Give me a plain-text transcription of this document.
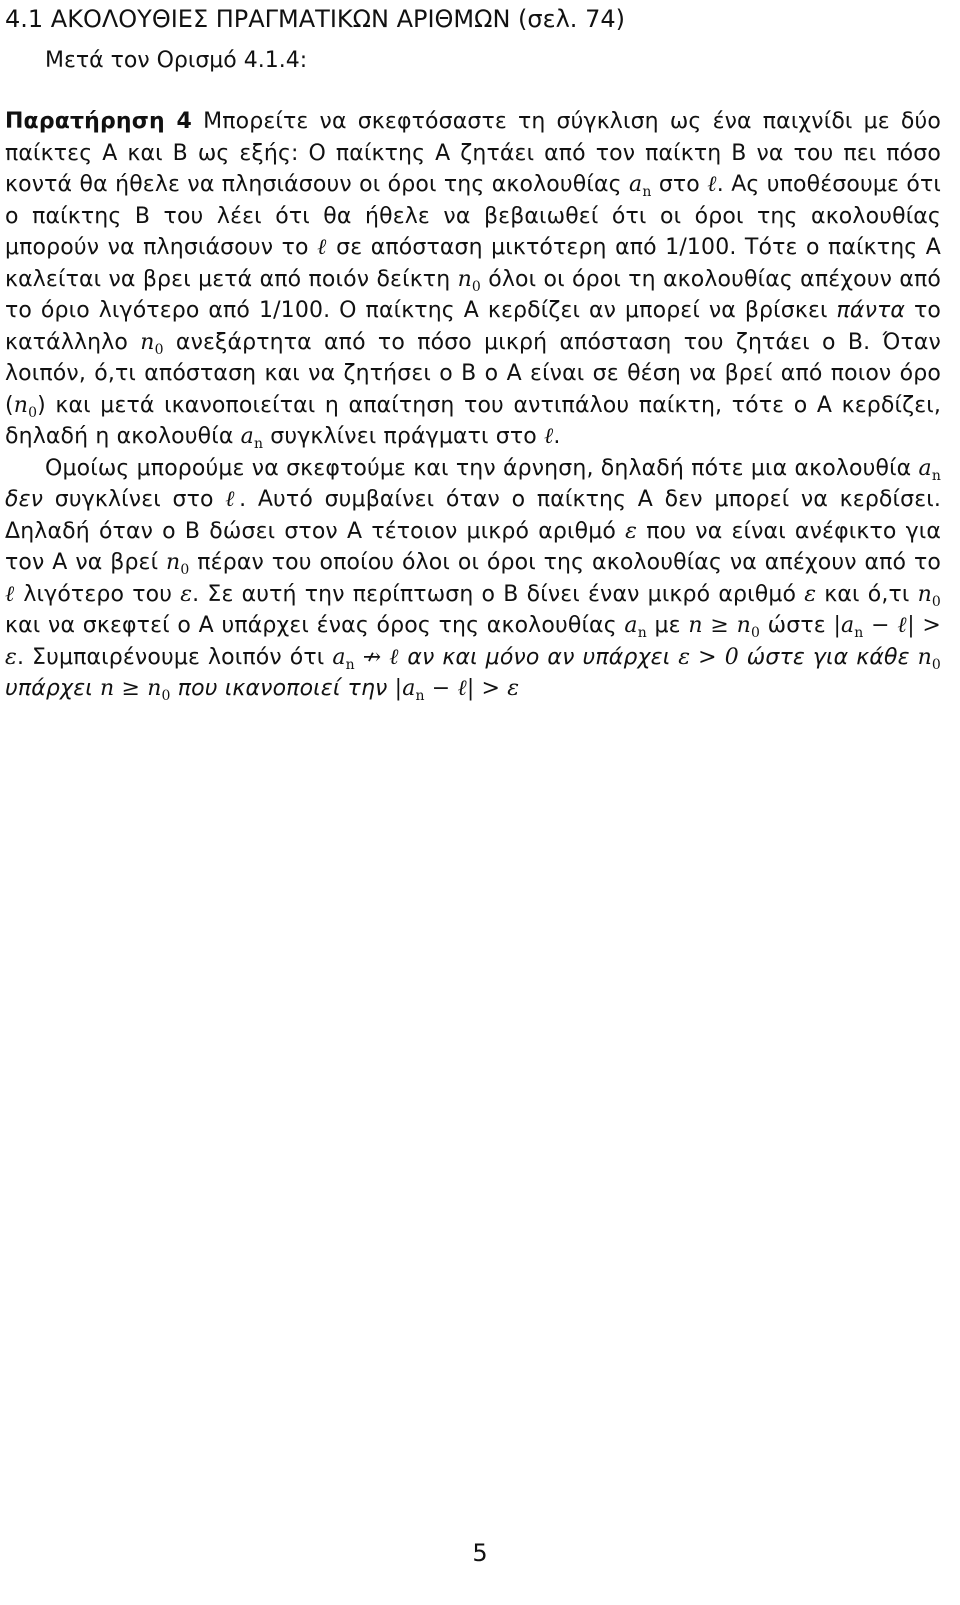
4.1 ΑΚΟΛΟΥΘΙΕΣ ΠΡΑΓΜΑΤΙΚΩΝ ΑΡΙΘΜΩΝ (σελ. 74)
Μετά τον Ορισμό 4.1.4:

Παρατήρηση 4 Μπορείτε να σκεφτόσαστε τη σύγκλιση ως ένα παιχνίδι με δύο παίκτες A και B ως εξής: Ο παίκτης A ζητάει από τον παίκτη B να του πει πόσο κοντά θα ήθελε να πλησιάσουν οι όροι της ακολουθίας $a_n$ στο ℓ. Ας υποθέσουμε ότι ο παίκτης B του λέει ότι θα ήθελε να βεβαιωθεί ότι οι όροι της ακολουθίας μπορούν να πλησιάσουν το ℓ σε απόσταση μικτότερη από 1/100. Τότε ο παίκτης A καλείται να βρει μετά από ποιόν δείκτη $n_0$ όλοι οι όροι τη ακολουθίας απέχουν από το όριο λιγότερο από 1/100. Ο παίκτης A κερδίζει αν μπορεί να βρίσκει πάντα το κατάλληλο $n_0$ ανεξάρτητα από το πόσο μικρή απόσταση του ζητάει ο B. Όταν λοιπόν, ό,τι απόσταση και να ζητήσει ο B ο A είναι σε θέση να βρεί από ποιον όρο $(n_0)$ και μετά ικανοποιείται η απαίτηση του αντιπάλου παίκτη, τότε ο A κερδίζει, δηλαδή η ακολουθία $a_n$ συγκλίνει πράγματι στο ℓ.

Ομοίως μπορούμε να σκεφτούμε και την άρνηση, δηλαδή πότε μια ακολουθία $a_n$ δεν συγκλίνει στο ℓ. Αυτό συμβαίνει όταν ο παίκτης A δεν μπορεί να κερδίσει. Δηλαδή όταν ο B δώσει στον A τέτοιον μικρό αριθμό ε που να είναι ανέφικτο για τον A να βρεί $n_0$ πέραν του οποίου όλοι οι όροι της ακολουθίας να απέχουν από το ℓ λιγότερο του ε. Σε αυτή την περίπτωση ο B δίνει έναν μικρό αριθμό ε και ό,τι $n_0$ και να σκεφτεί ο A υπάρχει ένας όρος της ακολουθίας $a_n$ με $n \ge n_0$ ώστε $|a_n$ − ℓ| > ε. Συμπαιρένουμε λοιπόν ότι $a_n$ ↛ ℓ αν και μόνο αν υπάρχει ε > 0 ώστε για κάθε $n_0$ υπάρχει $n \ge n_0$ που ικανοποιεί την $|a_n$ − ℓ| > ε

5
